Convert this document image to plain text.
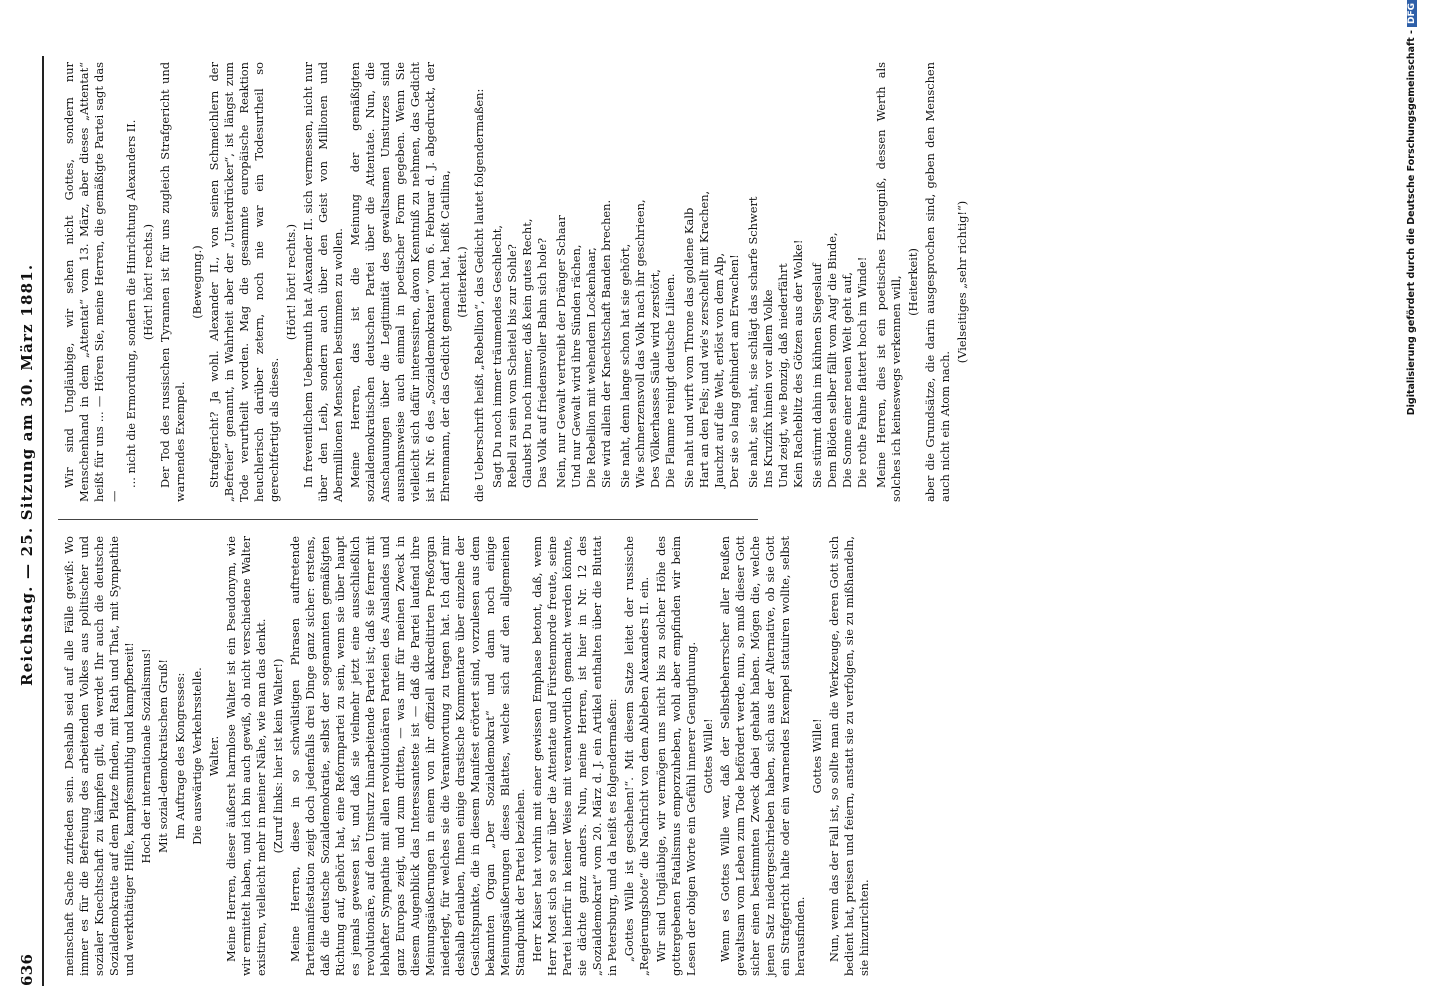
636
Reichstag. — 25. Sitzung am 30. März 1881.

meinschaft Sache zufrieden sein. Deshalb seid auf alle Fälle gewiß: Wo immer es für die Befreiung des arbeitenden Volkes aus politischer und sozialer Knechtschaft zu kämpfen gilt, da werdet Ihr auch die deutsche Sozialdemokratie auf dem Platze finden, mit Rath und That, mit Sympathie und werkthätiger Hilfe, kampfesmuthig und kampfbereit! Hoch der internationale Sozialismus! Mit sozial-demokratischem Gruß! Im Auftrage des Kongresses: Die auswärtige Verkehrsstelle. Walter. Meine Herren, dieser äußerst harmlose Walter ist ein Pseudonym, wie wir ermittelt haben, und ich bin auch gewiß, ob nicht verschiedene Walter existiren, vielleicht mehr in meiner Nähe, wie man das denkt. (Zuruf links: hier ist kein Walter!) Meine Herren, diese in so schwülstigen Phrasen auftretende Parteimanifestation zeigt doch jedenfalls drei Dinge ganz sicher: erstens, daß die deutsche Sozialdemokratie, selbst der sogenannten gemäßigten Richtung auf, gehört hat, eine Reformpartei zu sein, wenn sie über haupt es jemals gewesen ist, und daß sie vielmehr jetzt eine ausschließlich revolutionäre, auf den Umsturz hinarbeitende Partei ist; daß sie ferner mit lebhafter Sympathie mit allen revolutionären Parteien des Auslandes und ganz Europas zeigt, und zum dritten, — was mir für meinen Zweck in diesem Augenblick das Interessanteste ist — daß die Partei laufend ihre Meinungsäußerungen in einem von ihr offiziell akkreditirten Preßorgan niederlegt, für welches sie die Verantwortung zu tragen hat. Ich darf mir deshalb erlauben, Ihnen einige drastische Kommentare über einzelne der Gesichtspunkte, die in diesem Manifest erörtert sind, vorzulesen aus dem bekannten Organ „Der Sozialdemokrat“ und dann noch einige Meinungsäußerungen dieses Blattes, welche sich auf den allgemeinen Standpunkt der Partei beziehen. Herr Kaiser hat vorhin mit einer gewissen Emphase betont, daß, wenn Herr Most sich so sehr über die Attentate und Fürstenmorde freute, seine Partei hierfür in keiner Weise mit verantwortlich gemacht werden könnte, sie dächte ganz anders. Nun, meine Herren, ist hier in Nr. 12 des „Sozialdemokrat“ vom 20. März d. J. ein Artikel enthalten über die Bluttat in Petersburg, und da heißt es folgendermaßen: „Gottes Wille ist geschehen!“. Mit diesem Satze leitet der russische „Regierungsbote“ die Nachricht von dem Ableben Alexanders II. ein. Wir sind Ungläubige, wir vermögen uns nicht bis zu solcher Höhe des gottergebenen Fatalismus emporzuheben, wohl aber empfinden wir beim Lesen der obigen Worte ein Gefühl innerer Genugthuung. Gottes Wille! Wenn es Gottes Wille war, daß der Selbstbeherrscher aller Reußen gewaltsam vom Leben zum Tode befördert werde, nun, so muß dieser Gott sicher einen bestimmten Zweck dabei gehabt haben. Mögen die, welche jenen Satz niedergeschrieben haben, sich aus der Alternative, ob sie Gott ein Strafgericht halte oder ein warnendes Exempel statuiren wollte, selbst herausfinden.

Gottes Wille! Nun, wenn das der Fall ist, so sollte man die Werkzeuge, deren Gott sich bedient hat, preisen und feiern, anstatt sie zu verfolgen, sie zu mißhandeln, sie hinzurichten.

Wir sind Ungläubige, wir sehen nicht Gottes, sondern nur Menschenhand in dem „Attentat“ vom 13. März, aber dieses „Attentat“ heißt für uns ... — Hören Sie, meine Herren, die gemäßigte Partei sagt das —

... nicht die Ermordung, sondern die Hinrichtung Alexanders II. (Hört! hört! rechts.) Der Tod des russischen Tyrannen ist für uns zugleich Strafgericht und warnendes Exempel.

(Bewegung.) Strafgericht? Ja wohl. Alexander II., von seinen Schmeichlern der „Befreier“ genannt, in Wahrheit aber der „Unterdrücker“, ist längst zum Tode verurtheilt worden. Mag die gesammte europäische Reaktion heuchlerisch darüber zetern, noch nie war ein Todesurtheil so gerechtfertigt als dieses.

(Hört! hört! rechts.) In freventlichem Uebermuth hat Alexander II. sich vermessen, nicht nur über den Leib, sondern auch über den Geist von Millionen und Abermillionen Menschen bestimmen zu wollen. Meine Herren, das ist die Meinung der gemäßigten sozialdemokratischen deutschen Partei über die Attentate. Nun, die Anschauungen über die Legitimität des gewaltsamen Umsturzes sind ausnahmsweise auch einmal in poetischer Form gegeben. Wenn Sie vielleicht sich dafür interessiren, davon Kenntniß zu nehmen, das Gedicht ist in Nr. 6 des „Sozialdemokraten“ vom 6. Februar d. J. abgedruckt, der Ehrenmann, der das Gedicht gemacht hat, heißt Catilina, (Heiterkeit.) die Ueberschrift heißt „Rebellion“, das Gedicht lautet folgendermaßen: Sagt Du noch immer träumendes Geschlecht, Rebell zu sein vom Scheitel bis zur Sohle? Glaubst Du noch immer, daß kein gutes Recht, Das Volk auf friedensvoller Bahn sich hole? Nein, nur Gewalt vertreibt der Dränger Schaar Und nur Gewalt wird ihre Sünden rächen, Die Rebellion mit wehendem Lockenhaar, Sie wird allein der Knechtschaft Banden brechen. Sie naht, denn lange schon hat sie gehört, Wie schmerzensvoll das Volk nach ihr geschrieen, Des Völkerhasses Säule wird zerstört, Die Flamme reinigt deutsche Lilieen. Sie naht und wirft vom Throne das goldene Kalb Hart an den Fels; und wie's zerschellt mit Krachen, Jauchzt auf die Welt, erlöst von dem Alp, Der sie so lang gehindert am Erwachen! Sie naht, sie naht, sie schlägt das scharfe Schwert Ins Kruzifix hinein vor allem Volke Und zeigt, wie Bonzig, daß niederfährt Kein Racheblitz des Götzen aus der Wolke! Sie stürmt dahin im kühnen Siegeslauf Dem Blöden selber fällt vom Aug' die Binde, Die Sonne einer neuen Welt geht auf, Die rothe Fahne flattert hoch im Winde! Meine Herren, dies ist ein poetisches Erzeugniß, dessen Werth als solches ich keineswegs verkennen will, (Heiterkeit) aber die Grundsätze, die darin ausgesprochen sind, geben den Menschen auch nicht ein Atom nach.

(Vielseitiges „sehr richtig!“)	Digitalisierung gefördert durch die Deutsche Forschungsgemeinschaft -DFG
